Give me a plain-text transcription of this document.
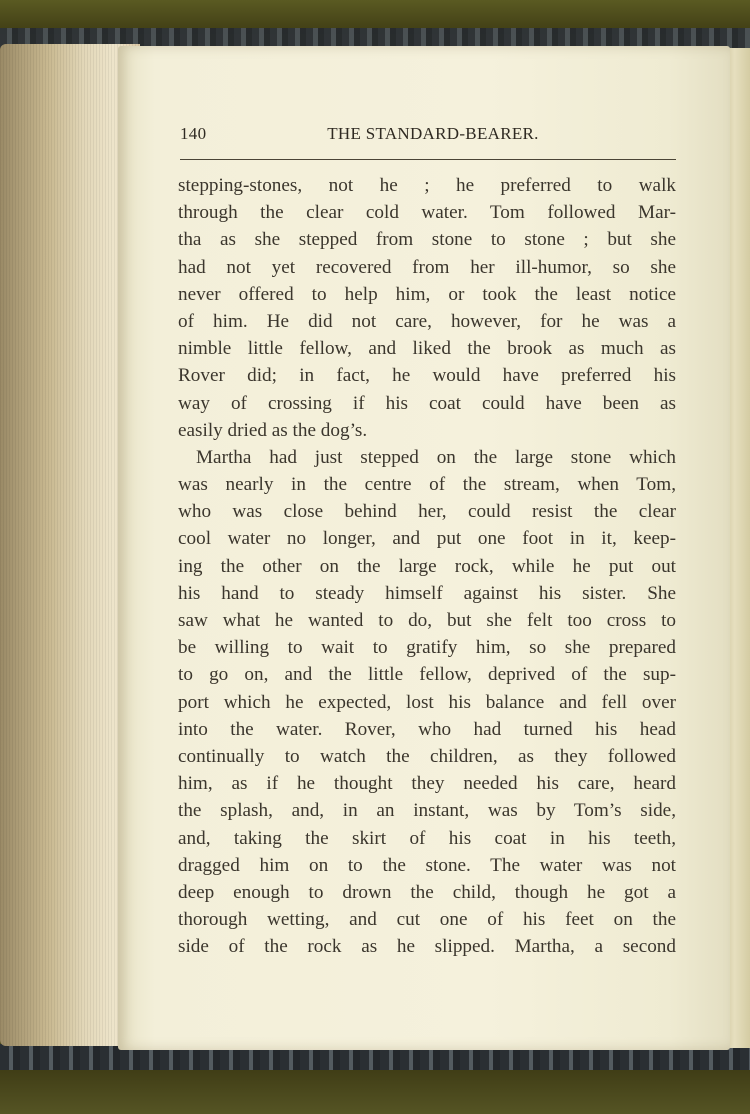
140	THE STANDARD-BEARER.
stepping-stones, not he ; he preferred to walk
through the clear cold water. Tom followed Mar-
tha as she stepped from stone to stone ; but she
had not yet recovered from her ill-humor, so she
never offered to help him, or took the least notice
of him. He did not care, however, for he was a
nimble little fellow, and liked the brook as much as
Rover did; in fact, he would have preferred his
way of crossing if his coat could have been as
easily dried as the dog’s.
Martha had just stepped on the large stone which
was nearly in the centre of the stream, when Tom,
who was close behind her, could resist the clear
cool water no longer, and put one foot in it, keep-
ing the other on the large rock, while he put out
his hand to steady himself against his sister. She
saw what he wanted to do, but she felt too cross to
be willing to wait to gratify him, so she prepared
to go on, and the little fellow, deprived of the sup-
port which he expected, lost his balance and fell over
into the water. Rover, who had turned his head
continually to watch the children, as they followed
him, as if he thought they needed his care, heard
the splash, and, in an instant, was by Tom’s side,
and, taking the skirt of his coat in his teeth,
dragged him on to the stone. The water was not
deep enough to drown the child, though he got a
thorough wetting, and cut one of his feet on the
side of the rock as he slipped. Martha, a second
